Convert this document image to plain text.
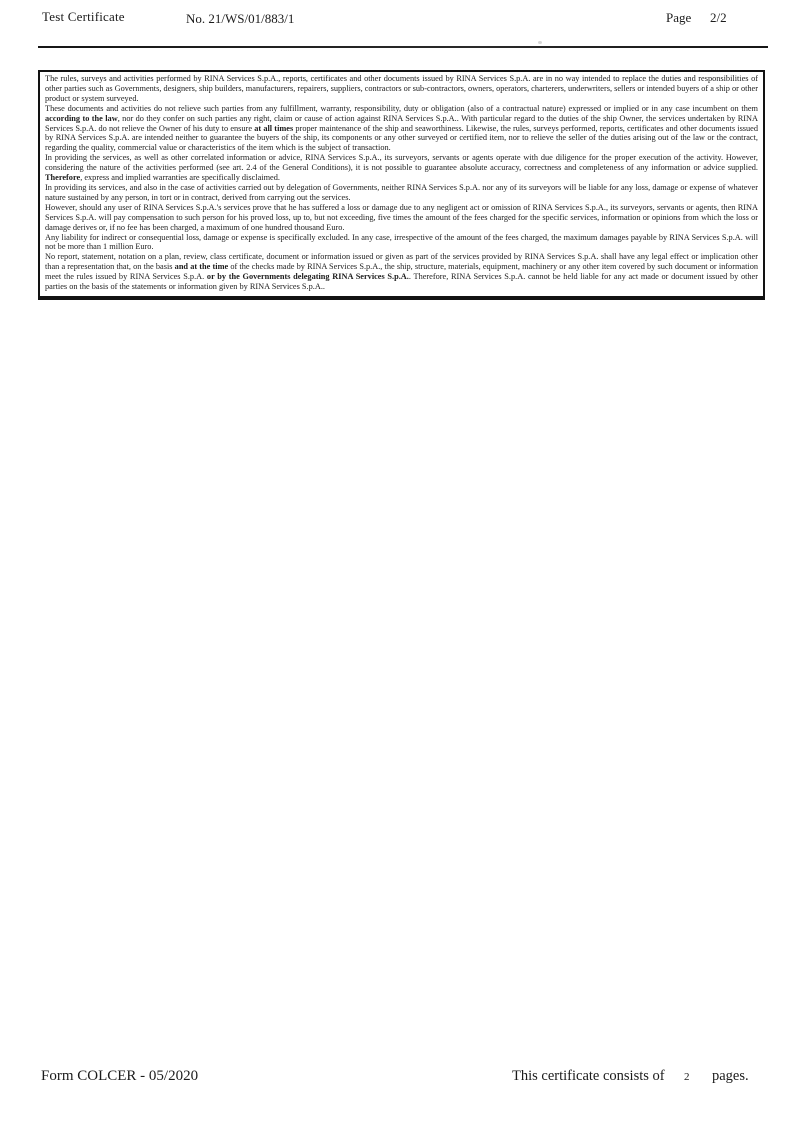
Test Certificate	No. 21/WS/01/883/1	Page 2/2
The rules, surveys and activities performed by RINA Services S.p.A., reports, certificates and other documents issued by RINA Services S.p.A. are in no way intended to replace the duties and responsibilities of other parties such as Governments, designers, ship builders, manufacturers, repairers, suppliers, contractors or sub-contractors, owners, operators, charterers, underwriters, sellers or intended buyers of a ship or other product or system surveyed.
These documents and activities do not relieve such parties from any fulfillment, warranty, responsibility, duty or obligation (also of a contractual nature) expressed or implied or in any case incumbent on them according to the law, nor do they confer on such parties any right, claim or cause of action against RINA Services S.p.A.. With particular regard to the duties of the ship Owner, the services undertaken by RINA Services S.p.A. do not relieve the Owner of his duty to ensure at all times proper maintenance of the ship and seaworthiness. Likewise, the rules, surveys performed, reports, certificates and other documents issued by RINA Services S.p.A. are intended neither to guarantee the buyers of the ship, its components or any other surveyed or certified item, nor to relieve the seller of the duties arising out of the law or the contract, regarding the quality, commercial value or characteristics of the item which is the subject of transaction.
In providing the services, as well as other correlated information or advice, RINA Services S.p.A., its surveyors, servants or agents operate with due diligence for the proper execution of the activity. However, considering the nature of the activities performed (see art. 2.4 of the General Conditions), it is not possible to guarantee absolute accuracy, correctness and completeness of any information or advice supplied. Therefore, express and implied warranties are specifically disclaimed.
In providing its services, and also in the case of activities carried out by delegation of Governments, neither RINA Services S.p.A. nor any of its surveyors will be liable for any loss, damage or expense of whatever nature sustained by any person, in tort or in contract, derived from carrying out the services.
However, should any user of RINA Services S.p.A.'s services prove that he has suffered a loss or damage due to any negligent act or omission of RINA Services S.p.A., its surveyors, servants or agents, then RINA Services S.p.A. will pay compensation to such person for his proved loss, up to, but not exceeding, five times the amount of the fees charged for the specific services, information or opinions from which the loss or damage derives or, if no fee has been charged, a maximum of one hundred thousand Euro.
Any liability for indirect or consequential loss, damage or expense is specifically excluded. In any case, irrespective of the amount of the fees charged, the maximum damages payable by RINA Services S.p.A. will not be more than 1 million Euro.
No report, statement, notation on a plan, review, class certificate, document or information issued or given as part of the services provided by RINA Services S.p.A. shall have any legal effect or implication other than a representation that, on the basis and at the time of the checks made by RINA Services S.p.A., the ship, structure, materials, equipment, machinery or any other item covered by such document or information meet the rules issued by RINA Services S.p.A. or by the Governments delegating RINA Services S.p.A.. Therefore, RINA Services S.p.A. cannot be held liable for any act made or document issued by other parties on the basis of the statements or information given by RINA Services S.p.A..
Form COLCER - 05/2020	This certificate consists of 2 pages.
